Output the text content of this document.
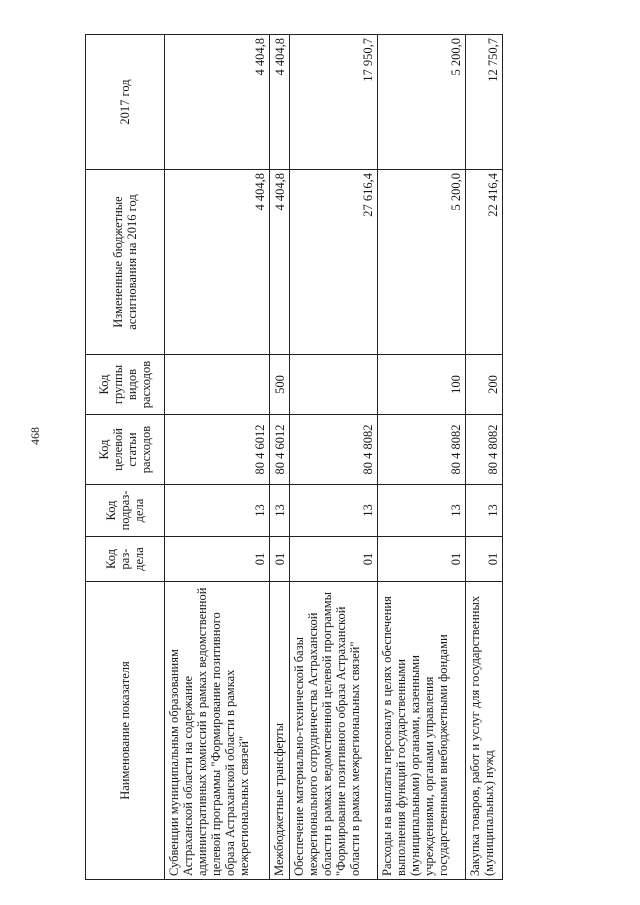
468
Наименование показателя	Код раз- дела	Код подраз- дела	Код целевой статьи расходов	Код группы видов расходов	Измененные бюджетные ассигнования на 2016 год	2017 год
Субвенции муниципальным образованиям Астраханской области на содержание административных комиссий в рамках ведомственной целевой программы "Формирование позитивного образа Астраханской области в рамках межрегиональных связей"	01	13	80 4 6012		4 404,8	4 404,8
Межбюджетные трансферты	01	13	80 4 6012	500	4 404,8	4 404,8
Обеспечение материально-технической базы межрегионального сотрудничества Астраханской области в рамках ведомственной целевой программы "Формирование позитивного образа Астраханской области в рамках межрегиональных связей"	01	13	80 4 8082		27 616,4	17 950,7
Расходы на выплаты персоналу в целях обеспечения выполнения функций государственными (муниципальными) органами, казенными учреждениями, органами управления государственными внебюджетными фондами	01	13	80 4 8082	100	5 200,0	5 200,0
Закупка товаров, работ и услуг для государственных (муниципальных) нужд	01	13	80 4 8082	200	22 416,4	12 750,7
